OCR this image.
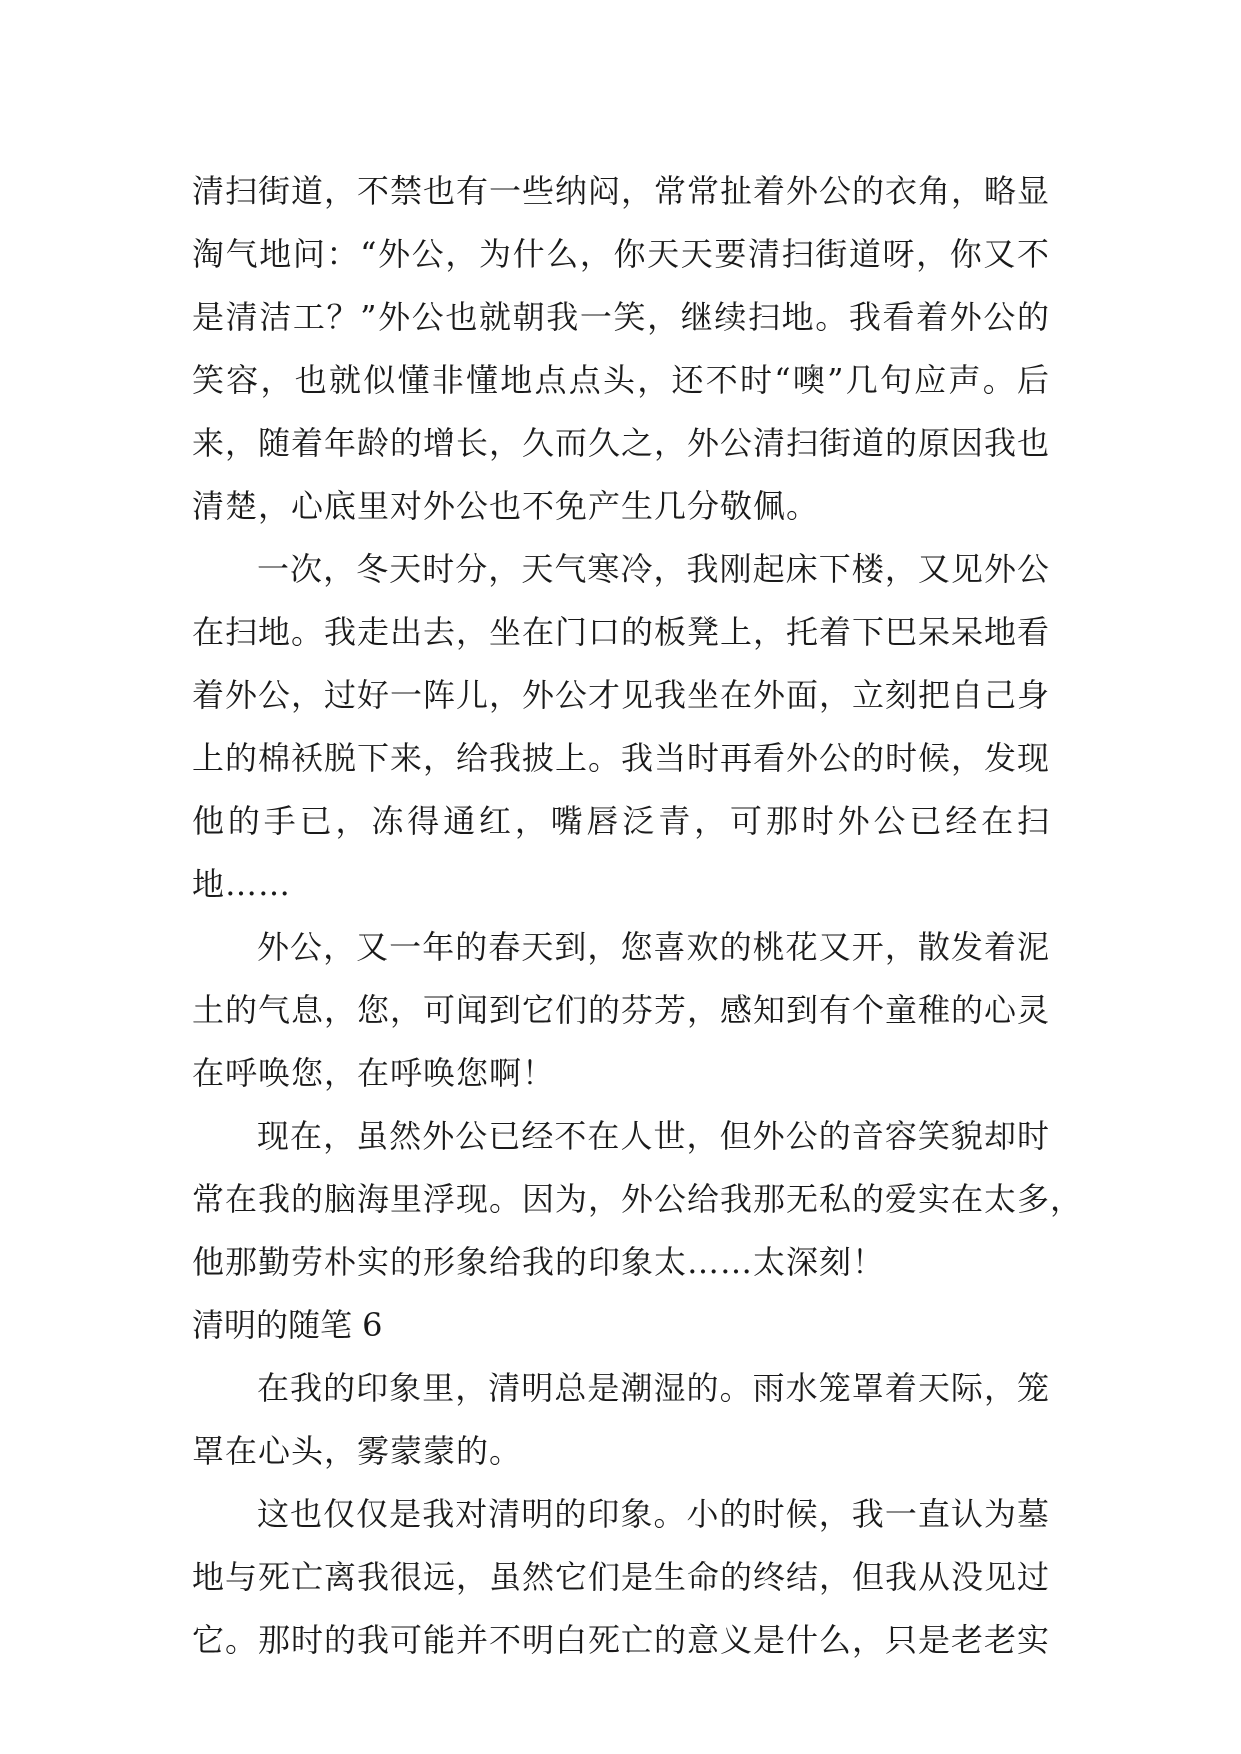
清扫街道，不禁也有一些纳闷，常常扯着外公的衣角，略显
淘气地问：“外公，为什么，你天天要清扫街道呀，你又不
是清洁工？”外公也就朝我一笑，继续扫地。我看着外公的
笑容，也就似懂非懂地点点头，还不时“噢”几句应声。后
来，随着年龄的增长，久而久之，外公清扫街道的原因我也
清楚，心底里对外公也不免产生几分敬佩。
一次，冬天时分，天气寒冷，我刚起床下楼，又见外公
在扫地。我走出去，坐在门口的板凳上，托着下巴呆呆地看
着外公，过好一阵儿，外公才见我坐在外面，立刻把自己身
上的棉袄脱下来，给我披上。我当时再看外公的时候，发现
他的手已，冻得通红，嘴唇泛青，可那时外公已经在扫
地……
外公，又一年的春天到，您喜欢的桃花又开，散发着泥
土的气息，您，可闻到它们的芬芳，感知到有个童稚的心灵
在呼唤您，在呼唤您啊！
现在，虽然外公已经不在人世，但外公的音容笑貌却时
常在我的脑海里浮现。因为，外公给我那无私的爱实在太多，
他那勤劳朴实的形象给我的印象太……太深刻！
清明的随笔 6
在我的印象里，清明总是潮湿的。雨水笼罩着天际，笼
罩在心头，雾蒙蒙的。
这也仅仅是我对清明的印象。小的时候，我一直认为墓
地与死亡离我很远，虽然它们是生命的终结，但我从没见过
它。那时的我可能并不明白死亡的意义是什么，只是老老实
